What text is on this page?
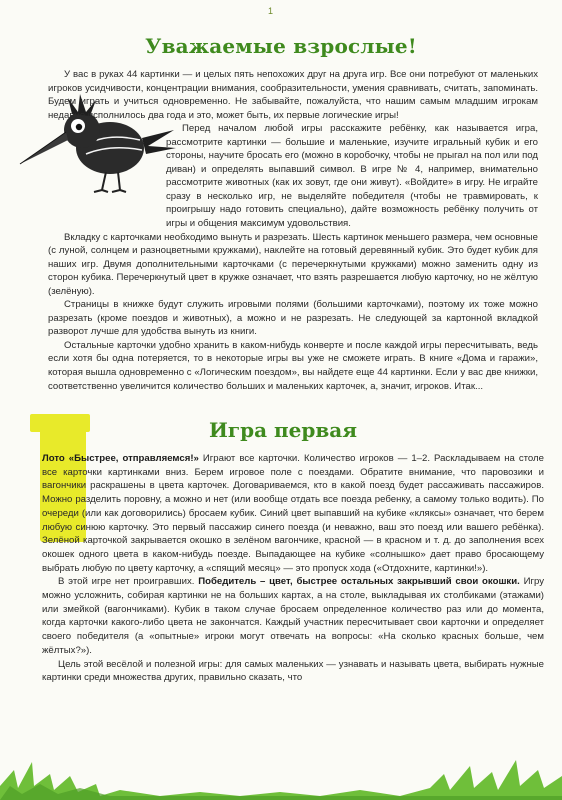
1
Уважаемые взрослые!

У вас в руках 44 картинки — и целых пять непохожих друг на друга игр. Все они потребуют от маленьких игроков усидчивости, концентрации внимания, сообразительности, умения сравнивать, считать, запоминать. Будем играть и учиться одновременно. Не забывайте, пожалуйста, что нашим самым младшим игрокам недавно исполнилось два года и это, может быть, их первые логические игры!

Перед началом любой игры расскажите ребёнку, как называется игра, рассмотрите картинки — большие и маленькие, изучите игральный кубик и его стороны, научите бросать его (можно в коробочку, чтобы не прыгал на пол или под диван) и определять выпавший символ. В игре № 4, например, внимательно рассмотрите животных (как их зовут, где они живут). «Войдите» в игру. Не играйте сразу в несколько игр, не выделяйте победителя (чтобы не травмировать, к проигрышу надо готовить специально), дайте возможность ребёнку получить от игры и общения максимум удовольствия.

Вкладку с карточками необходимо вынуть и разрезать. Шесть картинок меньшего размера, чем основные (с луной, солнцем и разноцветными кружками), наклейте на готовый деревянный кубик. Это будет кубик для наших игр. Двумя дополнительными карточками (с перечеркнутыми кружками) можно заменить одну из сторон кубика. Перечеркнутый цвет в кружке означает, что взять разрешается любую карточку, но не жёлтую (зелёную).

Страницы в книжке будут служить игровыми полями (большими карточками), поэтому их тоже можно разрезать (кроме поездов и животных), а можно и не разрезать. Не следующей за картонной вкладкой разворот лучше для удобства вынуть из книги.

Остальные карточки удобно хранить в каком-нибудь конверте и после каждой игры пересчитывать, ведь если хотя бы одна потеряется, то в некоторые игры вы уже не сможете играть. В книге «Дома и гаражи», которая вышла одновременно с «Логическим поездом», вы найдете еще 44 картинки. Если у вас две книжки, соответственно увеличится количество больших и маленьких карточек, а, значит, игроков. Итак...

Игра первая

Лото «Быстрее, отправляемся!» Играют все карточки. Количество игроков — 1–2. Раскладываем на столе все карточки картинками вниз. Берем игровое поле с поездами. Обратите внимание, что паровозики и вагончики раскрашены в цвета карточек. Договариваемся, кто в какой поезд будет рассаживать пассажиров. Можно разделить поровну, а можно и нет (или вообще отдать все поезда ребенку, а самому только водить). По очереди (или как договорились) бросаем кубик. Синий цвет выпавший на кубике «кляксы» означает, что берем любую синюю карточку. Это первый пассажир синего поезда (и неважно, ваш это поезд или вашего ребёнка). Зелёной карточкой закрывается окошко в зелёном вагончике, красной — в красном и т. д. до заполнения всех окошек одного цвета в каком-нибудь поезде. Выпадающее на кубике «солнышко» дает право бросающему выбрать любую по цвету карточку, а «спящий месяц» — это пропуск хода («Отдохните, картинки!»).

В этой игре нет проигравших. Победитель – цвет, быстрее остальных закрывший свои окошки. Игру можно усложнить, собирая картинки не на больших картах, а на столе, выкладывая их столбиками (этажами) или змейкой (вагончиками). Кубик в таком случае бросаем определенное количество раз или до момента, когда карточки какого-либо цвета не закончатся. Каждый участник пересчитывает свои карточки и определяет своего победителя (а «опытные» игроки могут отвечать на вопросы: «На сколько красных больше, чем жёлтых?»).

Цель этой весёлой и полезной игры: для самых маленьких — узнавать и называть цвета, выбирать нужные картинки среди множества других, правильно сказать, что
